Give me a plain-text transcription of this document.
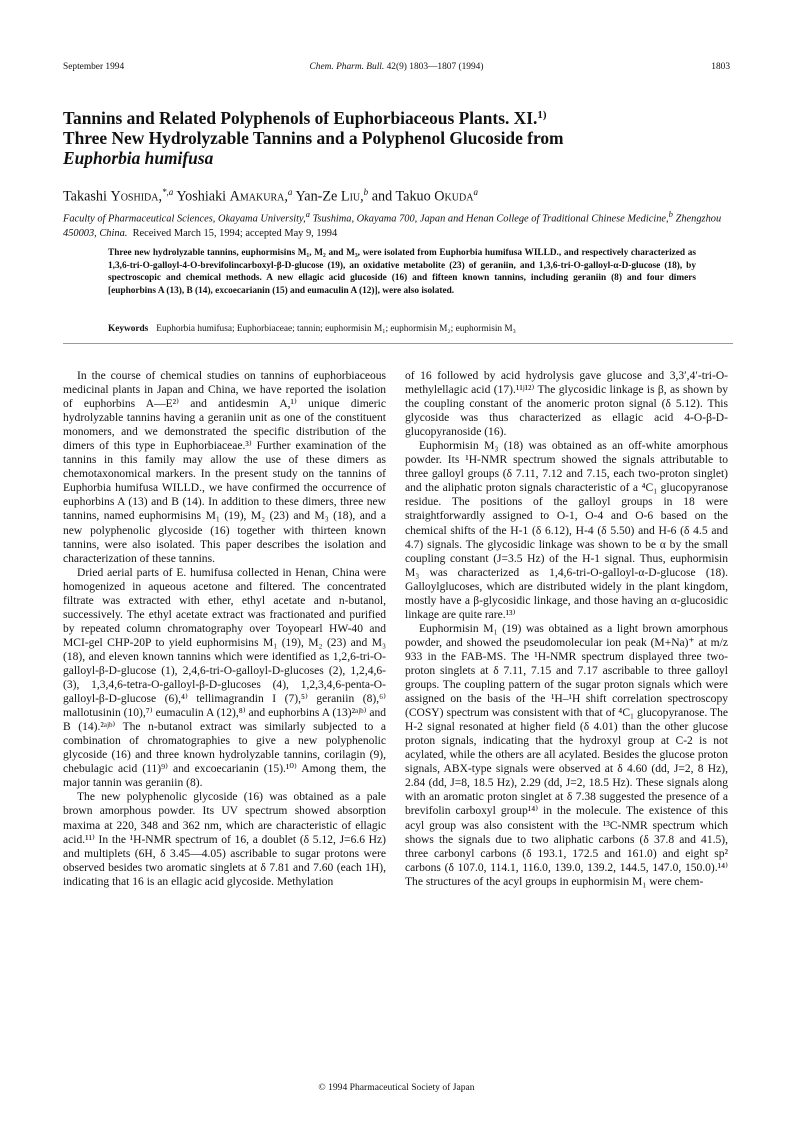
September 1994	Chem. Pharm. Bull. 42(9) 1803—1807 (1994)	1803
Tannins and Related Polyphenols of Euphorbiaceous Plants. XI.$^{1)}$
Three New Hydrolyzable Tannins and a Polyphenol Glucoside from
Euphorbia humifusa
Takashi Yoshida,$^{*,a}$ Yoshiaki Amakura,$^a$ Yan-Ze Liu,$^b$ and Takuo Okuda$^a$
Faculty of Pharmaceutical Sciences, Okayama University,$^a$ Tsushima, Okayama 700, Japan and Henan College of Traditional Chinese Medicine,$^b$ Zhengzhou 450003, China. Received March 15, 1994; accepted May 9, 1994
Three new hydrolyzable tannins, euphormisins M₁, M₂ and M₃, were isolated from Euphorbia humifusa WILLD., and respectively characterized as 1,3,6-tri-O-galloyl-4-O-brevifolincarboxyl-β-D-glucose (19), an oxidative metabolite (23) of geraniin, and 1,3,6-tri-O-galloyl-α-D-glucose (18), by spectroscopic and chemical methods. A new ellagic acid glucoside (16) and fifteen known tannins, including geraniin (8) and four dimers [euphorbins A (13), B (14), excoecarianin (15) and eumaculin A (12)], were also isolated.
Keywords Euphorbia humifusa; Euphorbiaceae; tannin; euphormisin M₁; euphormisin M₂; euphormisin M₃

In the course of chemical studies on tannins of euphorbiaceous medicinal plants in Japan and China, we have reported the isolation of euphorbins A—E²⁾ and antidesmin A,¹⁾ unique dimeric hydrolyzable tannins having a geraniin unit as one of the constituent monomers, and we demonstrated the specific distribution of the dimers of this type in Euphorbiaceae.³⁾ Further examination of the tannins in this family may allow the use of these dimers as chemotaxonomical markers. In the present study on the tannins of Euphorbia humifusa WILLD., we have confirmed the occurrence of euphorbins A (13) and B (14). In addition to these dimers, three new tannins, named euphormisins M₁ (19), M₂ (23) and M₃ (18), and a new polyphenolic glycoside (16) together with thirteen known tannins, were also isolated. This paper describes the isolation and characterization of these tannins.

Dried aerial parts of E. humifusa collected in Henan, China were homogenized in aqueous acetone and filtered. The concentrated filtrate was extracted with ether, ethyl acetate and n-butanol, successively. The ethyl acetate extract was fractionated and purified by repeated column chromatography over Toyopearl HW-40 and MCI-gel CHP-20P to yield euphormisins M₁ (19), M₂ (23) and M₃ (18), and eleven known tannins which were identified as 1,2,6-tri-O-galloyl-β-D-glucose (1), 2,4,6-tri-O-galloyl-D-glucoses (2), 1,2,4,6- (3), 1,3,4,6-tetra-O-galloyl-β-D-glucoses (4), 1,2,3,4,6-penta-O-galloyl-β-D-glucose (6),⁴⁾ tellimagrandin I (7),⁵⁾ geraniin (8),⁶⁾ mallotusinin (10),⁷⁾ eumaculin A (12),⁸⁾ and euphorbins A (13)²ᵃʲᵇ⁾ and B (14).²ᵃʲᵇ⁾ The n-butanol extract was similarly subjected to a combination of chromatographies to give a new polyphenolic glycoside (16) and three known hydrolyzable tannins, corilagin (9), chebulagic acid (11)⁹⁾ and excoecarianin (15).¹⁰⁾ Among them, the major tannin was geraniin (8).

The new polyphenolic glycoside (16) was obtained as a pale brown amorphous powder. Its UV spectrum showed absorption maxima at 220, 348 and 362 nm, which are characteristic of ellagic acid.¹¹⁾ In the ¹H-NMR spectrum of 16, a doublet (δ 5.12, J=6.6 Hz) and multiplets (6H, δ 3.45—4.05) ascribable to sugar protons were observed besides two aromatic singlets at δ 7.81 and 7.60 (each 1H), indicating that 16 is an ellagic acid glycoside. Methylation

of 16 followed by acid hydrolysis gave glucose and 3,3′,4′-tri-O-methylellagic acid (17).¹¹ʲ¹²⁾ The glycosidic linkage is β, as shown by the coupling constant of the anomeric proton signal (δ 5.12). This glycoside was thus characterized as ellagic acid 4-O-β-D-glucopyranoside (16).

Euphormisin M₃ (18) was obtained as an off-white amorphous powder. Its ¹H-NMR spectrum showed the signals attributable to three galloyl groups (δ 7.11, 7.12 and 7.15, each two-proton singlet) and the aliphatic proton signals characteristic of a ⁴C₁ glucopyranose residue. The positions of the galloyl groups in 18 were straightforwardly assigned to O-1, O-4 and O-6 based on the chemical shifts of the H-1 (δ 6.12), H-4 (δ 5.50) and H-6 (δ 4.5 and 4.7) signals. The glycosidic linkage was shown to be α by the small coupling constant (J=3.5 Hz) of the H-1 signal. Thus, euphormisin M₃ was characterized as 1,4,6-tri-O-galloyl-α-D-glucose (18). Galloylglucoses, which are distributed widely in the plant kingdom, mostly have a β-glycosidic linkage, and those having an α-glucosidic linkage are quite rare.¹³⁾

Euphormisin M₁ (19) was obtained as a light brown amorphous powder, and showed the pseudomolecular ion peak (M+Na)⁺ at m/z 933 in the FAB-MS. The ¹H-NMR spectrum displayed three two-proton singlets at δ 7.11, 7.15 and 7.17 ascribable to three galloyl groups. The coupling pattern of the sugar proton signals which were assigned on the basis of the ¹H–¹H shift correlation spectroscopy (COSY) spectrum was consistent with that of ⁴C₁ glucopyranose. The H-2 signal resonated at higher field (δ 4.01) than the other glucose proton signals, indicating that the hydroxyl group at C-2 is not acylated, while the others are all acylated. Besides the glucose proton signals, ABX-type signals were observed at δ 4.60 (dd, J=2, 8 Hz), 2.84 (dd, J=8, 18.5 Hz), 2.29 (dd, J=2, 18.5 Hz). These signals along with an aromatic proton singlet at δ 7.38 suggested the presence of a brevifolin carboxyl group¹⁴⁾ in the molecule. The existence of this acyl group was also consistent with the ¹³C-NMR spectrum which shows the signals due to two aliphatic carbons (δ 37.8 and 41.5), three carbonyl carbons (δ 193.1, 172.5 and 161.0) and eight sp² carbons (δ 107.0, 114.1, 116.0, 139.0, 139.2, 144.5, 147.0, 150.0).¹⁴⁾ The structures of the acyl groups in euphormisin M₁ were chem-

© 1994 Pharmaceutical Society of Japan
